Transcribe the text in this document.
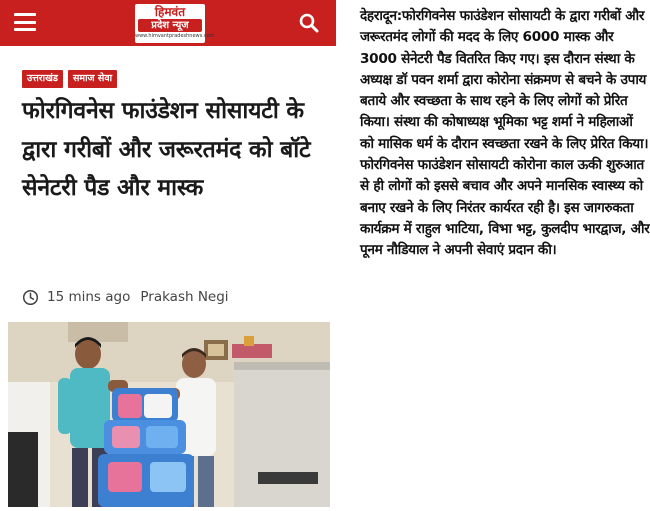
हिमवंत
प्रदेश न्यूज
www.himvantpradeshnews.com
उत्तराखंड	समाज सेवा
फोरगिवनेस फाउंडेशन सोसायटी के द्वारा गरीबों और जरूरतमंद को बॉटे सेनेटरी पैड और मास्क
15 mins ago Prakash Negi

देहरादून:फोरगिवनेस फाउंडेशन सोसायटी के द्वारा गरीबों और जरूरतमंद लोगों की मदद के लिए 6000 मास्क और 3000 सेनेटरी पैड वितरित किए गए। इस दौरान संस्था के अध्यक्ष डॉ पवन शर्मा द्वारा कोरोना संक्रमण से बचने के उपाय बताये और स्वच्छता के साथ रहने के लिए लोगों को प्रेरित किया। संस्था की कोषाध्यक्ष भूमिका भट्ट शर्मा ने महिलाओं को मासिक धर्म के दौरान स्वच्छता रखने के लिए प्रेरित किया। फोरगिवनेस फाउंडेशन सोसायटी कोरोना काल ऊकी शुरुआत से ही लोगों को इससे बचाव और अपने मानसिक स्वास्थ्य को बनाए रखने के लिए निरंतर कार्यरत रही है। इस जागरुकता कार्यक्रम में राहुल भाटिया, विभा भट्ट, कुलदीप भारद्वाज, और पूनम नौडियाल ने अपनी सेवाएं प्रदान की।
